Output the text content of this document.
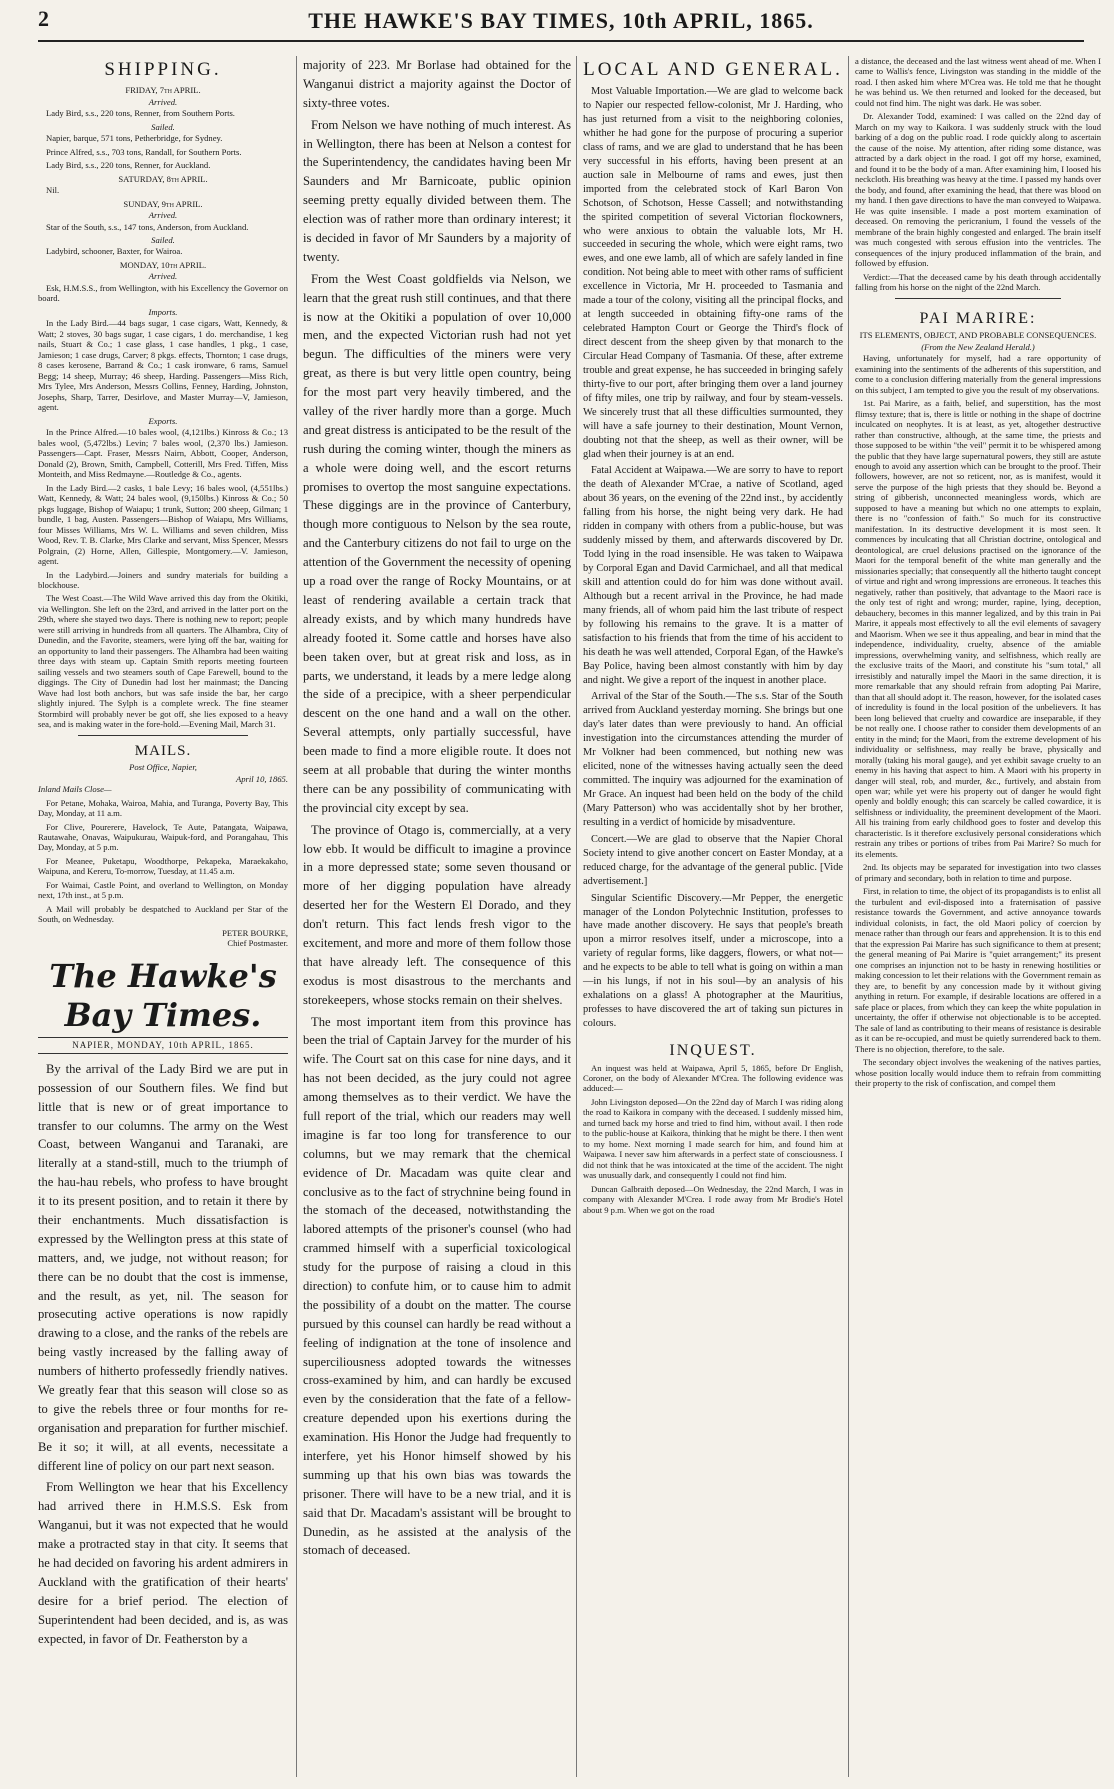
2	THE HAWKE'S BAY TIMES, 10th APRIL, 1865.
SHIPPING.
FRIDAY, 7th APRIL.
Arrived.

Lady Bird, s.s., 220 tons, Renner, from Southern Ports.

Sailed.

Napier, barque, 571 tons, Petherbridge, for Sydney.

Prince Alfred, s.s., 703 tons, Randall, for Southern Ports.

Lady Bird, s.s., 220 tons, Renner, for Auckland.

SATURDAY, 8th APRIL.

Nil.

SUNDAY, 9th APRIL.
Arrived.

Star of the South, s.s., 147 tons, Anderson, from Auckland.

Sailed.

Ladybird, schooner, Baxter, for Wairoa.

MONDAY, 10th APRIL.
Arrived.

Esk, H.M.S.S., from Wellington, with his Excellency the Governor on board.

Imports.

In the Lady Bird.—44 bags sugar, 1 case cigars, Watt, Kennedy, & Watt; 2 stoves, 30 bags sugar, 1 case cigars, 1 do. merchandise, 1 keg nails, Stuart & Co.; 1 case glass, 1 case handles, 1 pkg., 1 case, Jamieson; 1 case drugs, Carver; 8 pkgs. effects, Thornton; 1 case drugs, 8 cases kerosene, Barrand & Co.; 1 cask ironware, 6 rams, Samuel Begg; 14 sheep, Murray; 46 sheep, Harding. Passengers—Miss Rich, Mrs Tylee, Mrs Anderson, Messrs Collins, Fenney, Harding, Johnston, Josephs, Sharp, Tarrer, Desirlove, and Master Murray—V, Jamieson, agent.

Exports.

In the Prince Alfred.—10 bales wool, (4,121lbs.) Kinross & Co.; 13 bales wool, (5,472lbs.) Levin; 7 bales wool, (2,370 lbs.) Jamieson. Passengers—Capt. Fraser, Messrs Nairn, Abbott, Cooper, Anderson, Donald (2), Brown, Smith, Campbell, Cotterill, Mrs Fred. Tiffen, Miss Monteith, and Miss Redmayne.—Routledge & Co., agents.

In the Lady Bird.—2 casks, 1 bale Levy; 16 bales wool, (4,551lbs.) Watt, Kennedy, & Watt; 24 bales wool, (9,150lbs.) Kinross & Co.; 50 pkgs luggage, Bishop of Waiapu; 1 trunk, Sutton; 200 sheep, Gilman; 1 bundle, 1 bag, Austen. Passengers—Bishop of Waiapu, Mrs Williams, four Misses Williams, Mrs W. L. Williams and seven children, Miss Wood, Rev. T. B. Clarke, Mrs Clarke and servant, Miss Spencer, Messrs Polgrain, (2) Horne, Allen, Gillespie, Montgomery.—V. Jamieson, agent.

In the Ladybird.—Joiners and sundry materials for building a blockhouse.

The West Coast.—The Wild Wave arrived this day from the Okitiki, via Wellington. She left on the 23rd, and arrived in the latter port on the 29th, where she stayed two days. There is nothing new to report; people were still arriving in hundreds from all quarters. The Alhambra, City of Dunedin, and the Favorite, steamers, were lying off the bar, waiting for an opportunity to land their passengers. The Alhambra had been waiting three days with steam up. Captain Smith reports meeting fourteen sailing vessels and two steamers south of Cape Farewell, bound to the diggings. The City of Dunedin had lost her mainmast; the Dancing Wave had lost both anchors, but was safe inside the bar, her cargo slightly injured. The Sylph is a complete wreck. The fine steamer Stormbird will probably never be got off, she lies exposed to a heavy sea, and is making water in the fore-hold.—Evening Mail, March 31.

MAILS.
Post Office, Napier,
April 10, 1865.

Inland Mails Close—

For Petane, Mohaka, Wairoa, Mahia, and Turanga, Poverty Bay, This Day, Monday, at 11 a.m.

For Clive, Pourerere, Havelock, Te Aute, Patangata, Waipawa, Rautawahe, Onavas, Waipukurau, Waipuk-ford, and Porangahau, This Day, Monday, at 5 p.m.

For Meanee, Puketapu, Woodthorpe, Pekapeka, Maraekakaho, Waipuna, and Kereru, To-morrow, Tuesday, at 11.45 a.m.

For Waimai, Castle Point, and overland to Wellington, on Monday next, 17th inst., at 5 p.m.

A Mail will probably be despatched to Auckland per Star of the South, on Wednesday.

PETER BOURKE,
Chief Postmaster.
The Hawke's Bay Times.
NAPIER, MONDAY, 10th APRIL, 1865.

By the arrival of the Lady Bird we are put in possession of our Southern files. We find but little that is new or of great importance to transfer to our columns. The army on the West Coast, between Wanganui and Taranaki, are literally at a stand-still, much to the triumph of the hau-hau rebels, who profess to have brought it to its present position, and to retain it there by their enchantments. Much dissatisfaction is expressed by the Wellington press at this state of matters, and, we judge, not without reason; for there can be no doubt that the cost is immense, and the result, as yet, nil. The season for prosecuting active operations is now rapidly drawing to a close, and the ranks of the rebels are being vastly increased by the falling away of numbers of hitherto professedly friendly natives. We greatly fear that this season will close so as to give the rebels three or four months for re-organisation and preparation for further mischief. Be it so; it will, at all events, necessitate a different line of policy on our part next season.

From Wellington we hear that his Excellency had arrived there in H.M.S.S. Esk from Wanganui, but it was not expected that he would make a protracted stay in that city. It seems that he had decided on favoring his ardent admirers in Auckland with the gratification of their hearts' desire for a brief period. The election of Superintendent had been decided, and is, as was expected, in favor of Dr. Featherston by a

majority of 223. Mr Borlase had obtained for the Wanganui district a majority against the Doctor of sixty-three votes.

From Nelson we have nothing of much interest. As in Wellington, there has been at Nelson a contest for the Superintendency, the candidates having been Mr Saunders and Mr Barnicoate, public opinion seeming pretty equally divided between them. The election was of rather more than ordinary interest; it is decided in favor of Mr Saunders by a majority of twenty.

From the West Coast goldfields via Nelson, we learn that the great rush still continues, and that there is now at the Okitiki a population of over 10,000 men, and the expected Victorian rush had not yet begun. The difficulties of the miners were very great, as there is but very little open country, being for the most part very heavily timbered, and the valley of the river hardly more than a gorge. Much and great distress is anticipated to be the result of the rush during the coming winter, though the miners as a whole were doing well, and the escort returns promises to overtop the most sanguine expectations. These diggings are in the province of Canterbury, though more contiguous to Nelson by the sea route, and the Canterbury citizens do not fail to urge on the attention of the Government the necessity of opening up a road over the range of Rocky Mountains, or at least of rendering available a certain track that already exists, and by which many hundreds have already footed it. Some cattle and horses have also been taken over, but at great risk and loss, as in parts, we understand, it leads by a mere ledge along the side of a precipice, with a sheer perpendicular descent on the one hand and a wall on the other. Several attempts, only partially successful, have been made to find a more eligible route. It does not seem at all probable that during the winter months there can be any possibility of communicating with the provincial city except by sea.

The province of Otago is, commercially, at a very low ebb. It would be difficult to imagine a province in a more depressed state; some seven thousand or more of her digging population have already deserted her for the Western El Dorado, and they don't return. This fact lends fresh vigor to the excitement, and more and more of them follow those that have already left. The consequence of this exodus is most disastrous to the merchants and storekeepers, whose stocks remain on their shelves.

The most important item from this province has been the trial of Captain Jarvey for the murder of his wife. The Court sat on this case for nine days, and it has not been decided, as the jury could not agree among themselves as to their verdict. We have the full report of the trial, which our readers may well imagine is far too long for transference to our columns, but we may remark that the chemical evidence of Dr. Macadam was quite clear and conclusive as to the fact of strychnine being found in the stomach of the deceased, notwithstanding the labored attempts of the prisoner's counsel (who had crammed himself with a superficial toxicological study for the purpose of raising a cloud in this direction) to confute him, or to cause him to admit the possibility of a doubt on the matter. The course pursued by this counsel can hardly be read without a feeling of indignation at the tone of insolence and superciliousness adopted towards the witnesses cross-examined by him, and can hardly be excused even by the consideration that the fate of a fellow-creature depended upon his exertions during the examination. His Honor the Judge had frequently to interfere, yet his Honor himself showed by his summing up that his own bias was towards the prisoner. There will have to be a new trial, and it is said that Dr. Macadam's assistant will be brought to Dunedin, as he assisted at the analysis of the stomach of deceased.

LOCAL AND GENERAL.

Most Valuable Importation.—We are glad to welcome back to Napier our respected fellow-colonist, Mr J. Harding, who has just returned from a visit to the neighboring colonies, whither he had gone for the purpose of procuring a superior class of rams, and we are glad to understand that he has been very successful in his efforts, having been present at an auction sale in Melbourne of rams and ewes, just then imported from the celebrated stock of Karl Baron Von Schotson, of Schotson, Hesse Cassell; and notwithstanding the spirited competition of several Victorian flockowners, who were anxious to obtain the valuable lots, Mr H. succeeded in securing the whole, which were eight rams, two ewes, and one ewe lamb, all of which are safely landed in fine condition. Not being able to meet with other rams of sufficient excellence in Victoria, Mr H. proceeded to Tasmania and made a tour of the colony, visiting all the principal flocks, and at length succeeded in obtaining fifty-one rams of the celebrated Hampton Court or George the Third's flock of direct descent from the sheep given by that monarch to the Circular Head Company of Tasmania. Of these, after extreme trouble and great expense, he has succeeded in bringing safely thirty-five to our port, after bringing them over a land journey of fifty miles, one trip by railway, and four by steam-vessels. We sincerely trust that all these difficulties surmounted, they will have a safe journey to their destination, Mount Vernon, doubting not that the sheep, as well as their owner, will be glad when their journey is at an end.

Fatal Accident at Waipawa.—We are sorry to have to report the death of Alexander M'Crae, a native of Scotland, aged about 36 years, on the evening of the 22nd inst., by accidently falling from his horse, the night being very dark. He had ridden in company with others from a public-house, but was suddenly missed by them, and afterwards discovered by Dr. Todd lying in the road insensible. He was taken to Waipawa by Corporal Egan and David Carmichael, and all that medical skill and attention could do for him was done without avail. Although but a recent arrival in the Province, he had made many friends, all of whom paid him the last tribute of respect by following his remains to the grave. It is a matter of satisfaction to his friends that from the time of his accident to his death he was well attended, Corporal Egan, of the Hawke's Bay Police, having been almost constantly with him by day and night. We give a report of the inquest in another place.

Arrival of the Star of the South.—The s.s. Star of the South arrived from Auckland yesterday morning. She brings but one day's later dates than were previously to hand. An official investigation into the circumstances attending the murder of Mr Volkner had been commenced, but nothing new was elicited, none of the witnesses having actually seen the deed committed. The inquiry was adjourned for the examination of Mr Grace. An inquest had been held on the body of the child (Mary Patterson) who was accidentally shot by her brother, resulting in a verdict of homicide by misadventure.

Concert.—We are glad to observe that the Napier Choral Society intend to give another concert on Easter Monday, at a reduced charge, for the advantage of the general public. [Vide advertisement.]

Singular Scientific Discovery.—Mr Pepper, the energetic manager of the London Polytechnic Institution, professes to have made another discovery. He says that people's breath upon a mirror resolves itself, under a microscope, into a variety of regular forms, like daggers, flowers, or what not—and he expects to be able to tell what is going on within a man—in his lungs, if not in his soul—by an analysis of his exhalations on a glass! A photographer at the Mauritius, professes to have discovered the art of taking sun pictures in colours.

INQUEST.

An inquest was held at Waipawa, April 5, 1865, before Dr English, Coroner, on the body of Alexander M'Crea. The following evidence was adduced:—

John Livingston deposed—On the 22nd day of March I was riding along the road to Kaikora in company with the deceased. I suddenly missed him, and turned back my horse and tried to find him, without avail. I then rode to the public-house at Kaikora, thinking that he might be there. I then went to my home. Next morning I made search for him, and found him at Waipawa. I never saw him afterwards in a perfect state of consciousness. I did not think that he was intoxicated at the time of the accident. The night was unusually dark, and consequently I could not find him.

Duncan Galbraith deposed—On Wednesday, the 22nd March, I was in company with Alexander M'Crea. I rode away from Mr Brodie's Hotel about 9 p.m. When we got on the road

a distance, the deceased and the last witness went ahead of me. When I came to Wallis's fence, Livingston was standing in the middle of the road. I then asked him where M'Crea was. He told me that he thought he was behind us. We then returned and looked for the deceased, but could not find him. The night was dark. He was sober.

Dr. Alexander Todd, examined: I was called on the 22nd day of March on my way to Kaikora. I was suddenly struck with the loud barking of a dog on the public road. I rode quickly along to ascertain the cause of the noise. My attention, after riding some distance, was attracted by a dark object in the road. I got off my horse, examined, and found it to be the body of a man. After examining him, I loosed his neckcloth. His breathing was heavy at the time. I passed my hands over the body, and found, after examining the head, that there was blood on my hand. I then gave directions to have the man conveyed to Waipawa. He was quite insensible. I made a post mortem examination of deceased. On removing the pericranium, I found the vessels of the membrane of the brain highly congested and enlarged. The brain itself was much congested with serous effusion into the ventricles. The consequences of the injury produced inflammation of the brain, and followed by effusion.

Verdict:—That the deceased came by his death through accidentally falling from his horse on the night of the 22nd March.

PAI MARIRE:
ITS ELEMENTS, OBJECT, AND PROBABLE CONSEQUENCES.
(From the New Zealand Herald.)

Having, unfortunately for myself, had a rare opportunity of examining into the sentiments of the adherents of this superstition, and come to a conclusion differing materially from the general impressions on this subject, I am tempted to give you the result of my observations.

1st. Pai Marire, as a faith, belief, and superstition, has the most flimsy texture; that is, there is little or nothing in the shape of doctrine inculcated on neophytes. It is at least, as yet, altogether destructive rather than constructive, although, at the same time, the priests and those supposed to be within "the veil" permit it to be whispered among the public that they have large supernatural powers, they still are astute enough to avoid any assertion which can be brought to the proof. Their followers, however, are not so reticent, nor, as is manifest, would it serve the purpose of the high priests that they should be. Beyond a string of gibberish, unconnected meaningless words, which are supposed to have a meaning but which no one attempts to explain, there is no "confession of faith." So much for its constructive manifestation. In its destructive development it is most seen. It commences by inculcating that all Christian doctrine, ontological and deontological, are cruel delusions practised on the ignorance of the Maori for the temporal benefit of the white man generally and the missionaries specially; that consequently all the hitherto taught concept of virtue and right and wrong impressions are erroneous. It teaches this negatively, rather than positively, that advantage to the Maori race is the only test of right and wrong; murder, rapine, lying, deception, debauchery, becomes in this manner legalized, and by this train in Pai Marire, it appeals most effectively to all the evil elements of savagery and Maorism. When we see it thus appealing, and bear in mind that the independence, individuality, cruelty, absence of the amiable impressions, overwhelming vanity, and selfishness, which really are the exclusive traits of the Maori, and constitute his "sum total," all irresistibly and naturally impel the Maori in the same direction, it is more remarkable that any should refrain from adopting Pai Marire, than that all should adopt it. The reason, however, for the isolated cases of incredulity is found in the local position of the unbelievers. It has been long believed that cruelty and cowardice are inseparable, if they be not really one. I choose rather to consider them developments of an entity in the mind; for the Maori, from the extreme development of his individuality or selfishness, may really be brave, physically and morally (taking his moral gauge), and yet exhibit savage cruelty to an enemy in his having that aspect to him. A Maori with his property in danger will steal, rob, and murder, &c., furtively, and abstain from open war; while yet were his property out of danger he would fight openly and boldly enough; this can scarcely be called cowardice, it is selfishness or individuality, the preeminent development of the Maori. All his training from early childhood goes to foster and develop this characteristic. Is it therefore exclusively personal considerations which restrain any tribes or portions of tribes from Pai Marire? So much for its elements.

2nd. Its objects may be separated for investigation into two classes of primary and secondary, both in relation to time and purpose.

First, in relation to time, the object of its propagandists is to enlist all the turbulent and evil-disposed into a fraternisation of passive resistance towards the Government, and active annoyance towards individual colonists, in fact, the old Maori policy of coercion by menace rather than through our fears and apprehension. It is to this end that the expression Pai Marire has such significance to them at present; the general meaning of Pai Marire is "quiet arrangement;" its present one comprises an injunction not to be hasty in renewing hostilities or making concession to let their relations with the Government remain as they are, to benefit by any concession made by it without giving anything in return. For example, if desirable locations are offered in a safe place or places, from which they can keep the white population in uncertainty, the offer if otherwise not objectionable is to be accepted. The sale of land as contributing to their means of resistance is desirable as it can be re-occupied, and must be quietly surrendered back to them. There is no objection, therefore, to the sale.

The secondary object involves the weakening of the natives parties, whose position locally would induce them to refrain from committing their property to the risk of confiscation, and compel them
